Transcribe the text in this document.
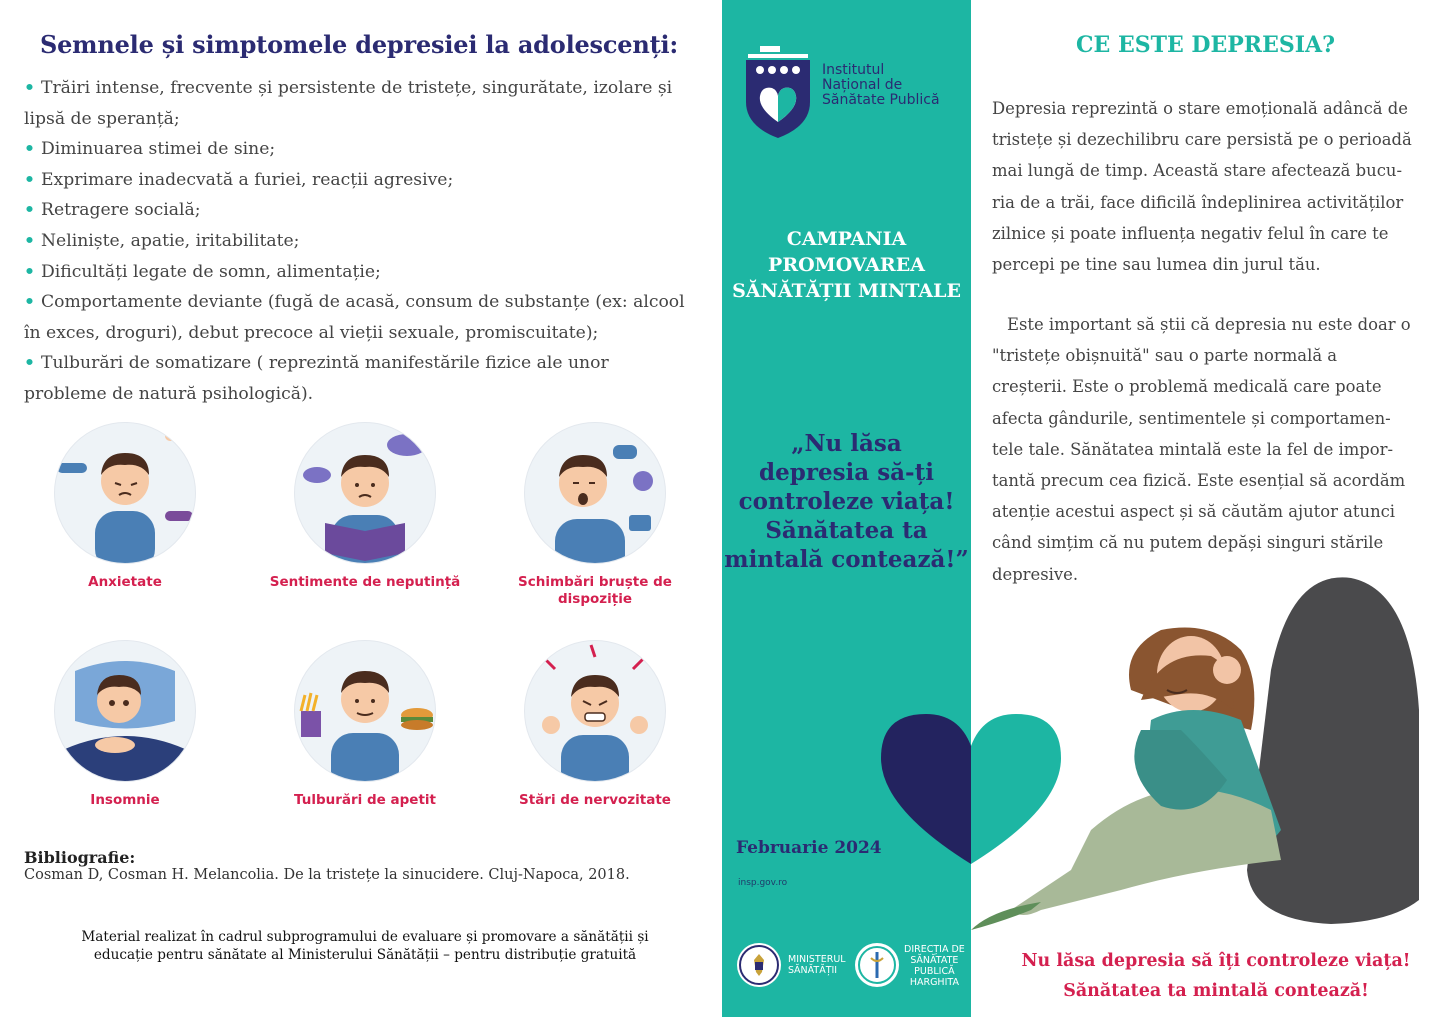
Semnele și simptomele depresiei la adolescenți:
• Trăiri intense, frecvente și persistente de tristețe, singurătate, izolare și lipsă de speranță;
• Diminuarea stimei de sine;
• Exprimare inadecvată a furiei, reacții agresive;
• Retragere socială;
• Neliniște, apatie, iritabilitate;
• Dificultăți legate de somn, alimentație;
• Comportamente deviante (fugă de acasă, consum de substanțe (ex: alcool în exces, droguri), debut precoce al vieții sexuale, promiscuitate);
• Tulburări de somatizare ( reprezintă manifestările fizice ale unor probleme de natură psihologică).
Anxietate	Sentimente de neputință	Schimbări bruște de dispoziție
Insomnie	Tulburări de apetit	Stări de nervozitate
Bibliografie:
Cosman D, Cosman H. Melancolia. De la tristețe la sinucidere. Cluj-Napoca, 2018.
Material realizat în cadrul subprogramului de evaluare și promovare a sănătății și educație pentru sănătate al Ministerului Sănătății – pentru distribuție gratuită
Institutul
Național de
Sănătate Publică
CAMPANIA
PROMOVAREA
SĂNĂTĂȚII MINTALE
„Nu lăsa
depresia să-ți
controleze viața!
Sănătatea ta
mintală contează!”
Februarie 2024
insp.gov.ro
MINISTERUL
SĂNĂTĂȚII
DIRECȚIA DE
SĂNĂTATE
PUBLICĂ
HARGHITA
CE ESTE DEPRESIA?
Depresia reprezintă o stare emoțională adâncă de
tristețe și dezechilibru care persistă pe o perioadă
mai lungă de timp. Această stare afectează bucu-
ria de a trăi, face dificilă îndeplinirea activităților
zilnice și poate influența negativ felul în care te
percepi pe tine sau lumea din jurul tău.
Este important să știi că depresia nu este doar o
"tristețe obișnuită" sau o parte normală a
creșterii. Este o problemă medicală care poate
afecta gândurile, sentimentele și comportamen-
tele tale. Sănătatea mintală este la fel de impor-
tantă precum cea fizică. Este esențial să acordăm
atenție acestui aspect și să căutăm ajutor atunci
când simțim că nu putem depăși singuri stările
depresive.
Nu lăsa depresia să îți controleze viața!
Sănătatea ta mintală contează!
